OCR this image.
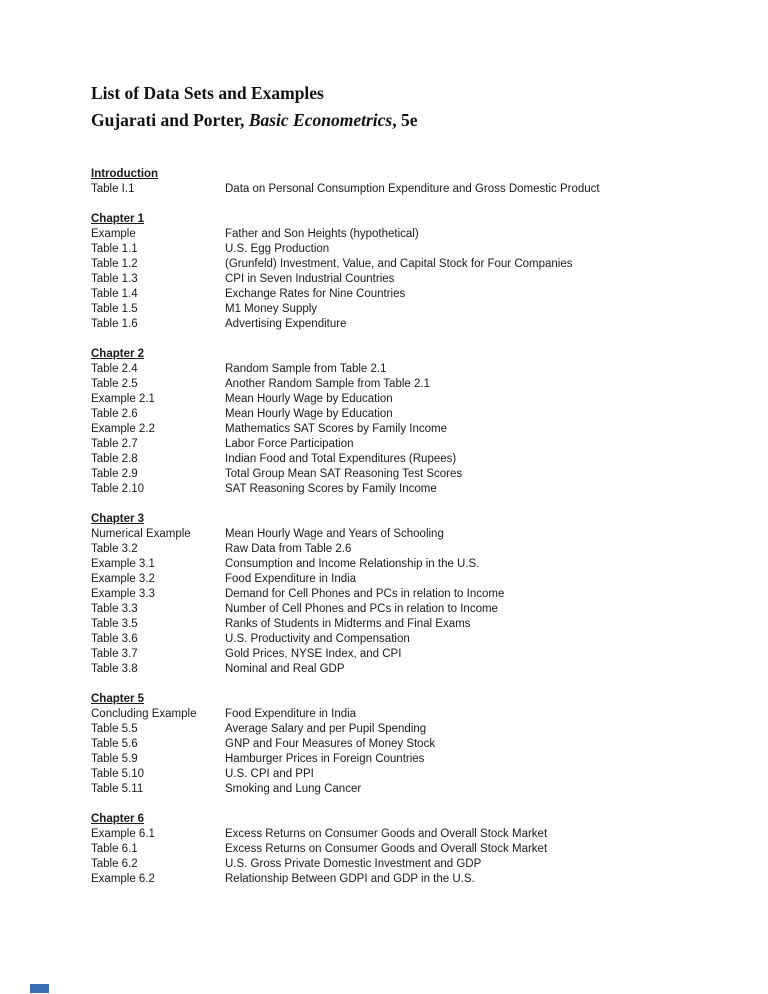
List of Data Sets and Examples
Gujarati and Porter, Basic Econometrics, 5e
Introduction
Table I.1	Data on Personal Consumption Expenditure and Gross Domestic Product
Chapter 1
Example	Father and Son Heights (hypothetical)
Table 1.1	U.S. Egg Production
Table 1.2	(Grunfeld) Investment, Value, and Capital Stock for Four Companies
Table 1.3	CPI in Seven Industrial Countries
Table 1.4	Exchange Rates for Nine Countries
Table 1.5	M1 Money Supply
Table 1.6	Advertising Expenditure
Chapter 2
Table 2.4	Random Sample from Table 2.1
Table 2.5	Another Random Sample from Table 2.1
Example 2.1	Mean Hourly Wage by Education
Table 2.6	Mean Hourly Wage by Education
Example 2.2	Mathematics SAT Scores by Family Income
Table 2.7	Labor Force Participation
Table 2.8	Indian Food and Total Expenditures (Rupees)
Table 2.9	Total Group Mean SAT Reasoning Test Scores
Table 2.10	SAT Reasoning Scores by Family Income
Chapter 3
Numerical Example	Mean Hourly Wage and Years of Schooling
Table 3.2	Raw Data from Table 2.6
Example 3.1	Consumption and Income Relationship in the U.S.
Example 3.2	Food Expenditure in India
Example 3.3	Demand for Cell Phones and PCs in relation to Income
Table 3.3	Number of Cell Phones and PCs in relation to Income
Table 3.5	Ranks of Students in Midterms and Final Exams
Table 3.6	U.S. Productivity and Compensation
Table 3.7	Gold Prices, NYSE Index, and CPI
Table 3.8	Nominal and Real GDP
Chapter 5
Concluding Example	Food Expenditure in India
Table 5.5	Average Salary and per Pupil Spending
Table 5.6	GNP and Four Measures of Money Stock
Table 5.9	Hamburger Prices in Foreign Countries
Table 5.10	U.S. CPI and PPI
Table 5.11	Smoking and Lung Cancer
Chapter 6
Example 6.1	Excess Returns on Consumer Goods and Overall Stock Market
Table 6.1	Excess Returns on Consumer Goods and Overall Stock Market
Table 6.2	U.S. Gross Private Domestic Investment and GDP
Example 6.2	Relationship Between GDPI and GDP in the U.S.
